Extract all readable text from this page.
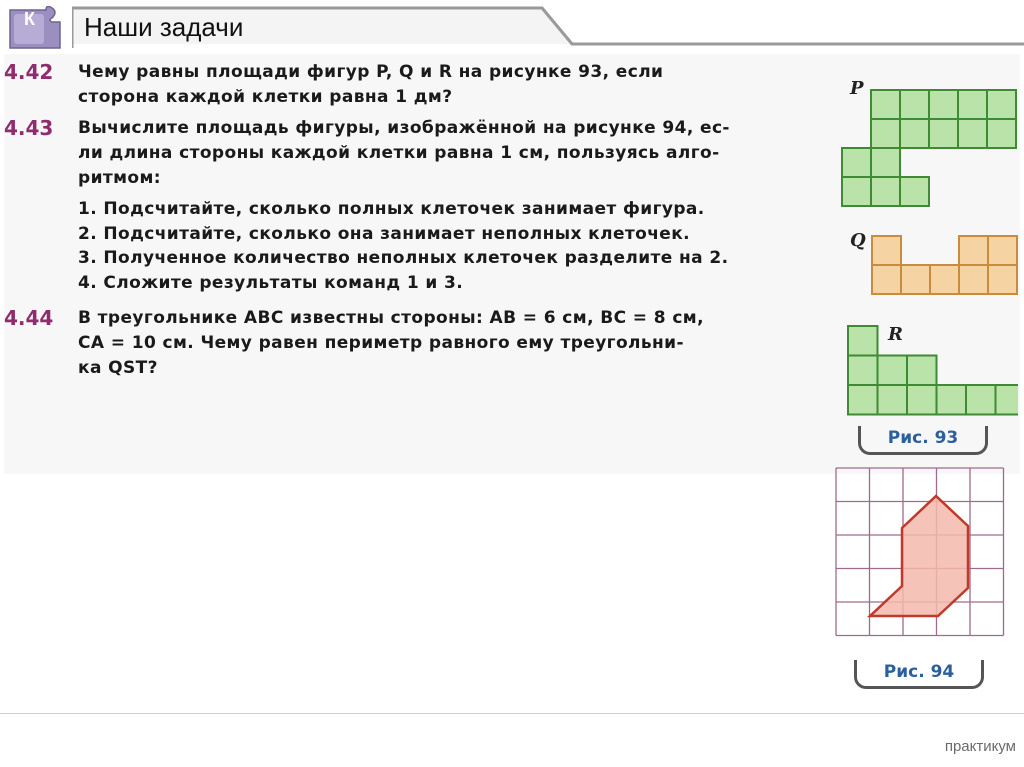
К Наши задачи
4.42	Чему равны площади фигур P, Q и R на рисунке 93, если
сторона каждой клетки равна 1 дм?
4.43	Вычислите площадь фигуры, изображённой на рисунке 94, ес-
ли длина стороны каждой клетки равна 1 см, пользуясь алго-
ритмом:
1. Подсчитайте, сколько полных клеточек занимает фигура.
2. Подсчитайте, сколько она занимает неполных клеточек.
3. Полученное количество неполных клеточек разделите на 2.
4. Сложите результаты команд 1 и 3.
4.44	В треугольнике ABC известны стороны: AB = 6 см, BC = 8 см,
CA = 10 см. Чему равен периметр равного ему треугольни-
ка QST?
P
Q
R
Рис. 93
Рис. 94
практикум
